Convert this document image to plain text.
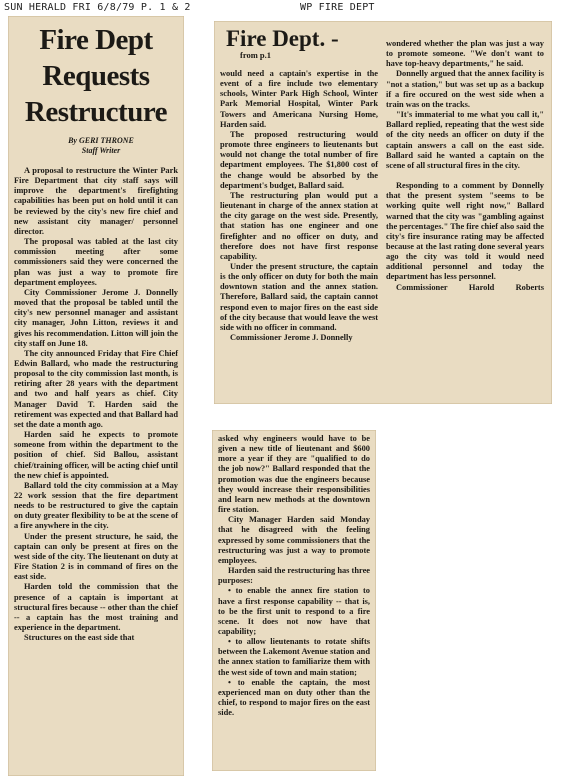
SUN HERALD FRI 6/8/79 P. 1 & 2	WP FIRE DEPT
Fire Dept
Requests
Restructure
By GERI THRONE
Staff Writer

A proposal to restructure the Winter Park Fire Department that city staff says will improve the department's firefighting capabilities has been put on hold until it can be reviewed by the city's new fire chief and new assistant city manager/ personnel director.

The proposal was tabled at the last city commission meeting after some commissioners said they were concerned the plan was just a way to promote fire department employees.

City Commissioner Jerome J. Donnelly moved that the proposal be tabled until the city's new personnel manager and assistant city manager, John Litton, reviews it and gives his recommendation. Litton will join the city staff on June 18.

The city announced Friday that Fire Chief Edwin Ballard, who made the restructuring proposal to the city commission last month, is retiring after 28 years with the department and two and half years as chief. City Manager David T. Harden said the retirement was expected and that Ballard had set the date a month ago.

Harden said he expects to promote someone from within the department to the position of chief. Sid Ballou, assistant chief/training officer, will be acting chief until the new chief is appointed.

Ballard told the city commission at a May 22 work session that the fire department needs to be restructured to give the captain on duty greater flexibility to be at the scene of a fire anywhere in the city.

Under the present structure, he said, the captain can only be present at fires on the west side of the city. The lieutenant on duty at Fire Station 2 is in command of fires on the east side.

Harden told the commission that the presence of a captain is important at structural fires because -- other than the chief -- a captain has the most training and experience in the department.

Structures on the east side that

Fire Dept. -
from p.1

would need a captain's expertise in the event of a fire include two elementary schools, Winter Park High School, Winter Park Memorial Hospital, Winter Park Towers and Americana Nursing Home, Harden said.

The proposed restructuring would promote three engineers to lieutenants but would not change the total number of fire department employees. The $1,800 cost of the change would be absorbed by the department's budget, Ballard said.

The restructuring plan would put a lieutenant in charge of the annex station at the city garage on the west side. Presently, that station has one engineer and one firefighter and no officer on duty, and therefore does not have first response capability.

Under the present structure, the captain is the only officer on duty for both the main downtown station and the annex station. Therefore, Ballard said, the captain cannot respond even to major fires on the east side of the city because that would leave the west side with no officer in command.

Commissioner Jerome J. Donnelly

wondered whether the plan was just a way to promote someone. "We don't want to have top-heavy departments," he said.

Donnelly argued that the annex facility is "not a station," but was set up as a backup if a fire occured on the west side when a train was on the tracks.

"It's immaterial to me what you call it," Ballard replied, repeating that the west side of the city needs an officer on duty if the captain answers a call on the east side. Ballard said he wanted a captain on the scene of all structural fires in the city.

Responding to a comment by Donnelly that the present system "seems to be working quite well right now," Ballard warned that the city was "gambling against the percentages." The fire chief also said the city's fire insurance rating may be affected because at the last rating done several years ago the city was told it would need additional personnel and today the department has less personnel.

Commissioner	Harold	Roberts

asked why engineers would have to be given a new title of lieutenant and $600 more a year if they are "qualified to do the job now?" Ballard responded that the promotion was due the engineers because they would increase their responsibilities and learn new methods at the downtown fire station.

City Manager Harden said Monday that he disagreed with the feeling expressed by some commissioners that the restructuring was just a way to promote employees.

Harden said the restructuring has three purposes:

• to enable the annex fire station to have a first response capability -- that is, to be the first unit to respond to a fire scene. It does not now have that capability;

• to allow lieutenants to rotate shifts between the Lakemont Avenue station and the annex station to familiarize them with the west side of town and main station;

• to enable the captain, the most experienced man on duty other than the chief, to respond to major fires on the east side.
